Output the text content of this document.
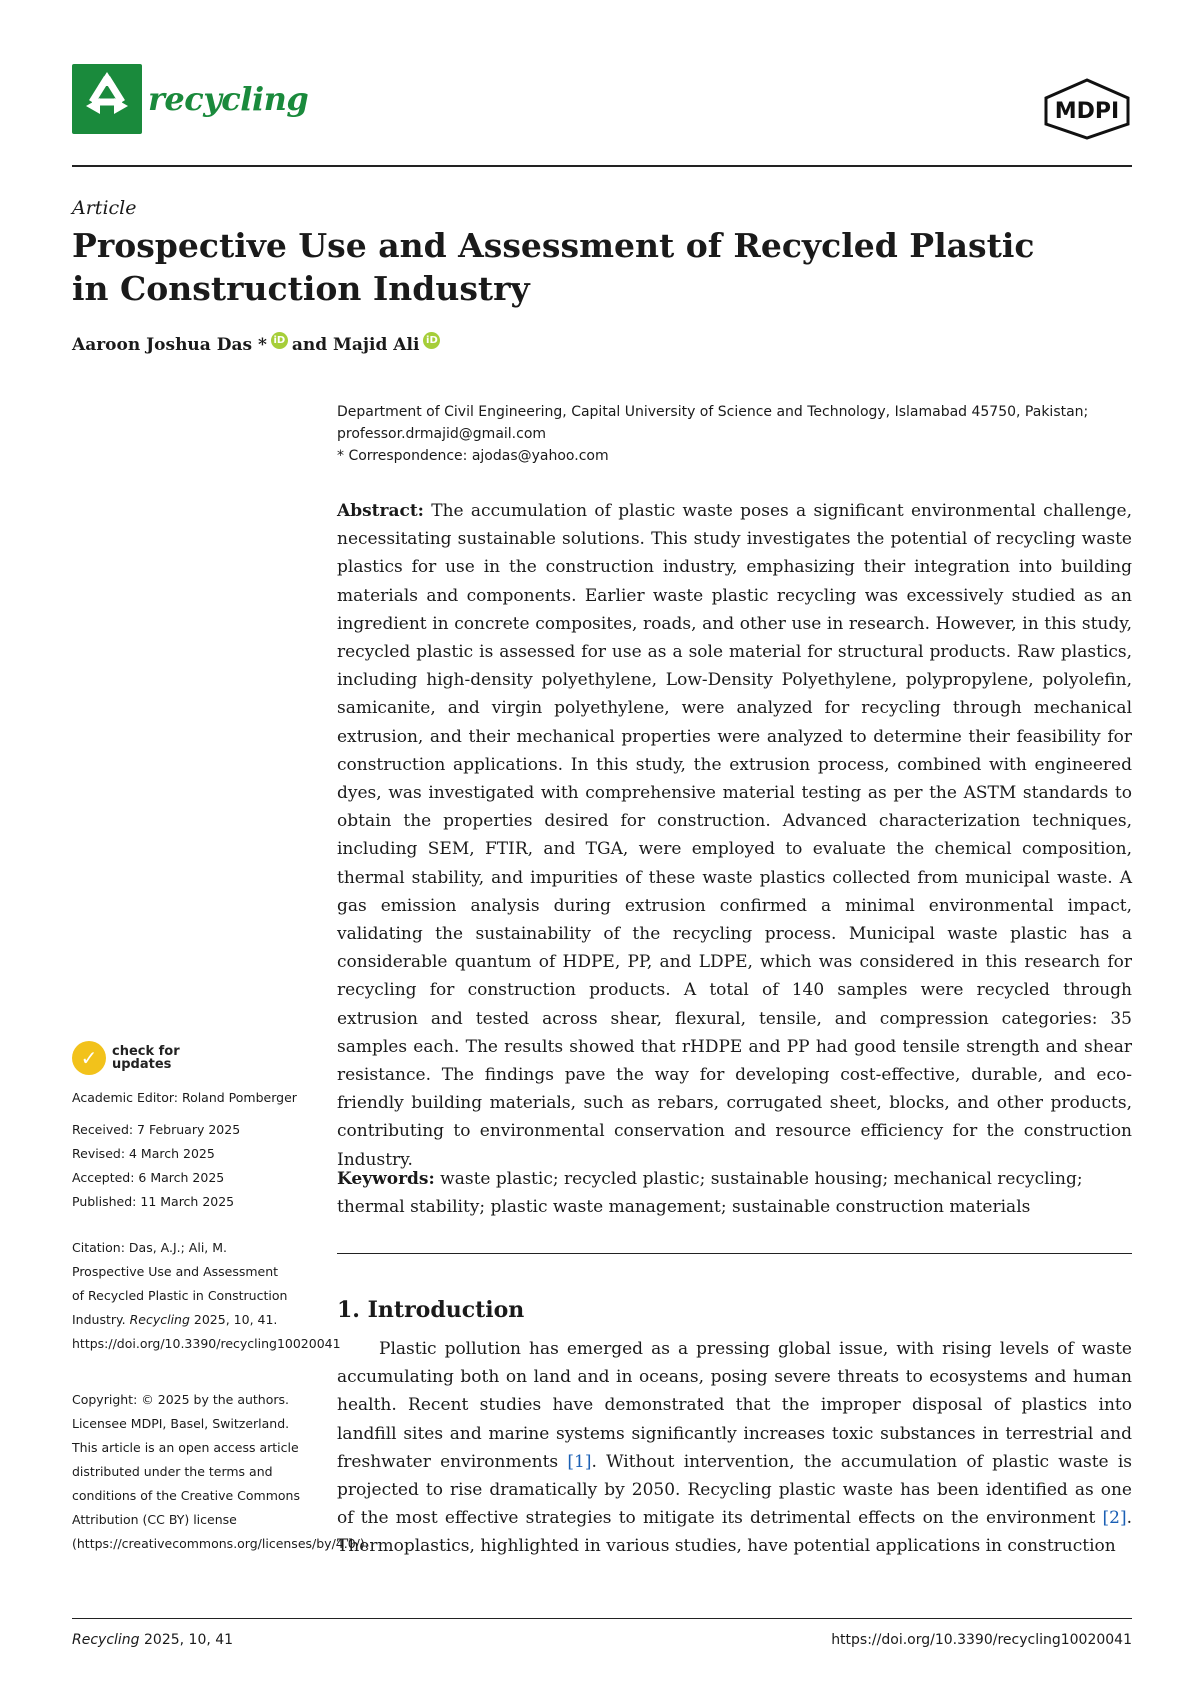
recycling	MDPI
Article
Prospective Use and Assessment of Recycled Plastic in Construction Industry
Aaroon Joshua Das * iD and Majid Ali iD
Department of Civil Engineering, Capital University of Science and Technology, Islamabad 45750, Pakistan; professor.drmajid@gmail.com
* Correspondence: ajodas@yahoo.com
Abstract: The accumulation of plastic waste poses a significant environmental challenge, necessitating sustainable solutions. This study investigates the potential of recycling waste plastics for use in the construction industry, emphasizing their integration into building materials and components. Earlier waste plastic recycling was excessively studied as an ingredient in concrete composites, roads, and other use in research. However, in this study, recycled plastic is assessed for use as a sole material for structural products. Raw plastics, including high-density polyethylene, Low-Density Polyethylene, polypropylene, polyolefin, samicanite, and virgin polyethylene, were analyzed for recycling through mechanical extrusion, and their mechanical properties were analyzed to determine their feasibility for construction applications. In this study, the extrusion process, combined with engineered dyes, was investigated with comprehensive material testing as per the ASTM standards to obtain the properties desired for construction. Advanced characterization techniques, including SEM, FTIR, and TGA, were employed to evaluate the chemical composition, thermal stability, and impurities of these waste plastics collected from municipal waste. A gas emission analysis during extrusion confirmed a minimal environmental impact, validating the sustainability of the recycling process. Municipal waste plastic has a considerable quantum of HDPE, PP, and LDPE, which was considered in this research for recycling for construction products. A total of 140 samples were recycled through extrusion and tested across shear, flexural, tensile, and compression categories: 35 samples each. The results showed that rHDPE and PP had good tensile strength and shear resistance. The findings pave the way for developing cost-effective, durable, and eco-friendly building materials, such as rebars, corrugated sheet, blocks, and other products, contributing to environmental conservation and resource efficiency for the construction Industry.
Keywords: waste plastic; recycled plastic; sustainable housing; mechanical recycling; thermal stability; plastic waste management; sustainable construction materials
✓	check for updates
Academic Editor: Roland Pomberger
Received: 7 February 2025
Revised: 4 March 2025
Accepted: 6 March 2025
Published: 11 March 2025
Citation: Das, A.J.; Ali, M. Prospective Use and Assessment of Recycled Plastic in Construction Industry. Recycling 2025, 10, 41. https://doi.org/10.3390/recycling10020041
Copyright: © 2025 by the authors. Licensee MDPI, Basel, Switzerland. This article is an open access article distributed under the terms and conditions of the Creative Commons Attribution (CC BY) license (https://creativecommons.org/licenses/by/4.0/).
1. Introduction
Plastic pollution has emerged as a pressing global issue, with rising levels of waste accumulating both on land and in oceans, posing severe threats to ecosystems and human health. Recent studies have demonstrated that the improper disposal of plastics into landfill sites and marine systems significantly increases toxic substances in terrestrial and freshwater environments [1]. Without intervention, the accumulation of plastic waste is projected to rise dramatically by 2050. Recycling plastic waste has been identified as one of the most effective strategies to mitigate its detrimental effects on the environment [2]. Thermoplastics, highlighted in various studies, have potential applications in construction
Recycling 2025, 10, 41	https://doi.org/10.3390/recycling10020041
